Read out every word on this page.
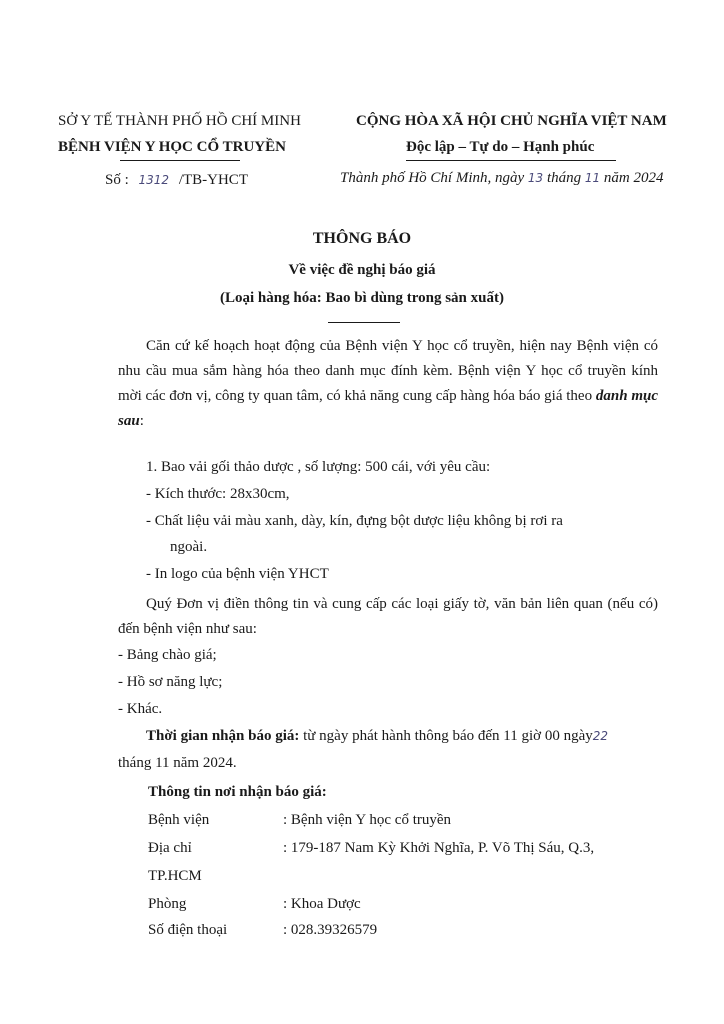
SỞ Y TẾ THÀNH PHỐ HỒ CHÍ MINH
BỆNH VIỆN Y HỌC CỔ TRUYỀN
Số : 1312 /TB-YHCT
CỘNG HÒA XÃ HỘI CHỦ NGHĨA VIỆT NAM
Độc lập – Tự do – Hạnh phúc
Thành phố Hồ Chí Minh, ngày 13 tháng 11 năm 2024
THÔNG BÁO
Về việc đề nghị báo giá
(Loại hàng hóa: Bao bì dùng trong sản xuất)
Căn cứ kế hoạch hoạt động của Bệnh viện Y học cổ truyền, hiện nay Bệnh viện có nhu cầu mua sắm hàng hóa theo danh mục đính kèm. Bệnh viện Y học cổ truyền kính mời các đơn vị, công ty quan tâm, có khả năng cung cấp hàng hóa báo giá theo danh mục sau:
1. Bao vải gối thảo dược , số lượng: 500 cái, với yêu cầu:
- Kích thước: 28x30cm,
- Chất liệu vải màu xanh, dày, kín, đựng bột dược liệu không bị rơi ra
ngoài.
- In logo của bệnh viện YHCT
Quý Đơn vị điền thông tin và cung cấp các loại giấy tờ, văn bản liên quan (nếu có) đến bệnh viện như sau:
- Bảng chào giá;
- Hồ sơ năng lực;
- Khác.
Thời gian nhận báo giá: từ ngày phát hành thông báo đến 11 giờ 00 ngày22
tháng 11 năm 2024.
Thông tin nơi nhận báo giá:
Bệnh viện	: Bệnh viện Y học cổ truyền
Địa chỉ	: 179-187 Nam Kỳ Khởi Nghĩa, P. Võ Thị Sáu, Q.3,
TP.HCM
Phòng	: Khoa Dược
Số điện thoại	: 028.39326579
